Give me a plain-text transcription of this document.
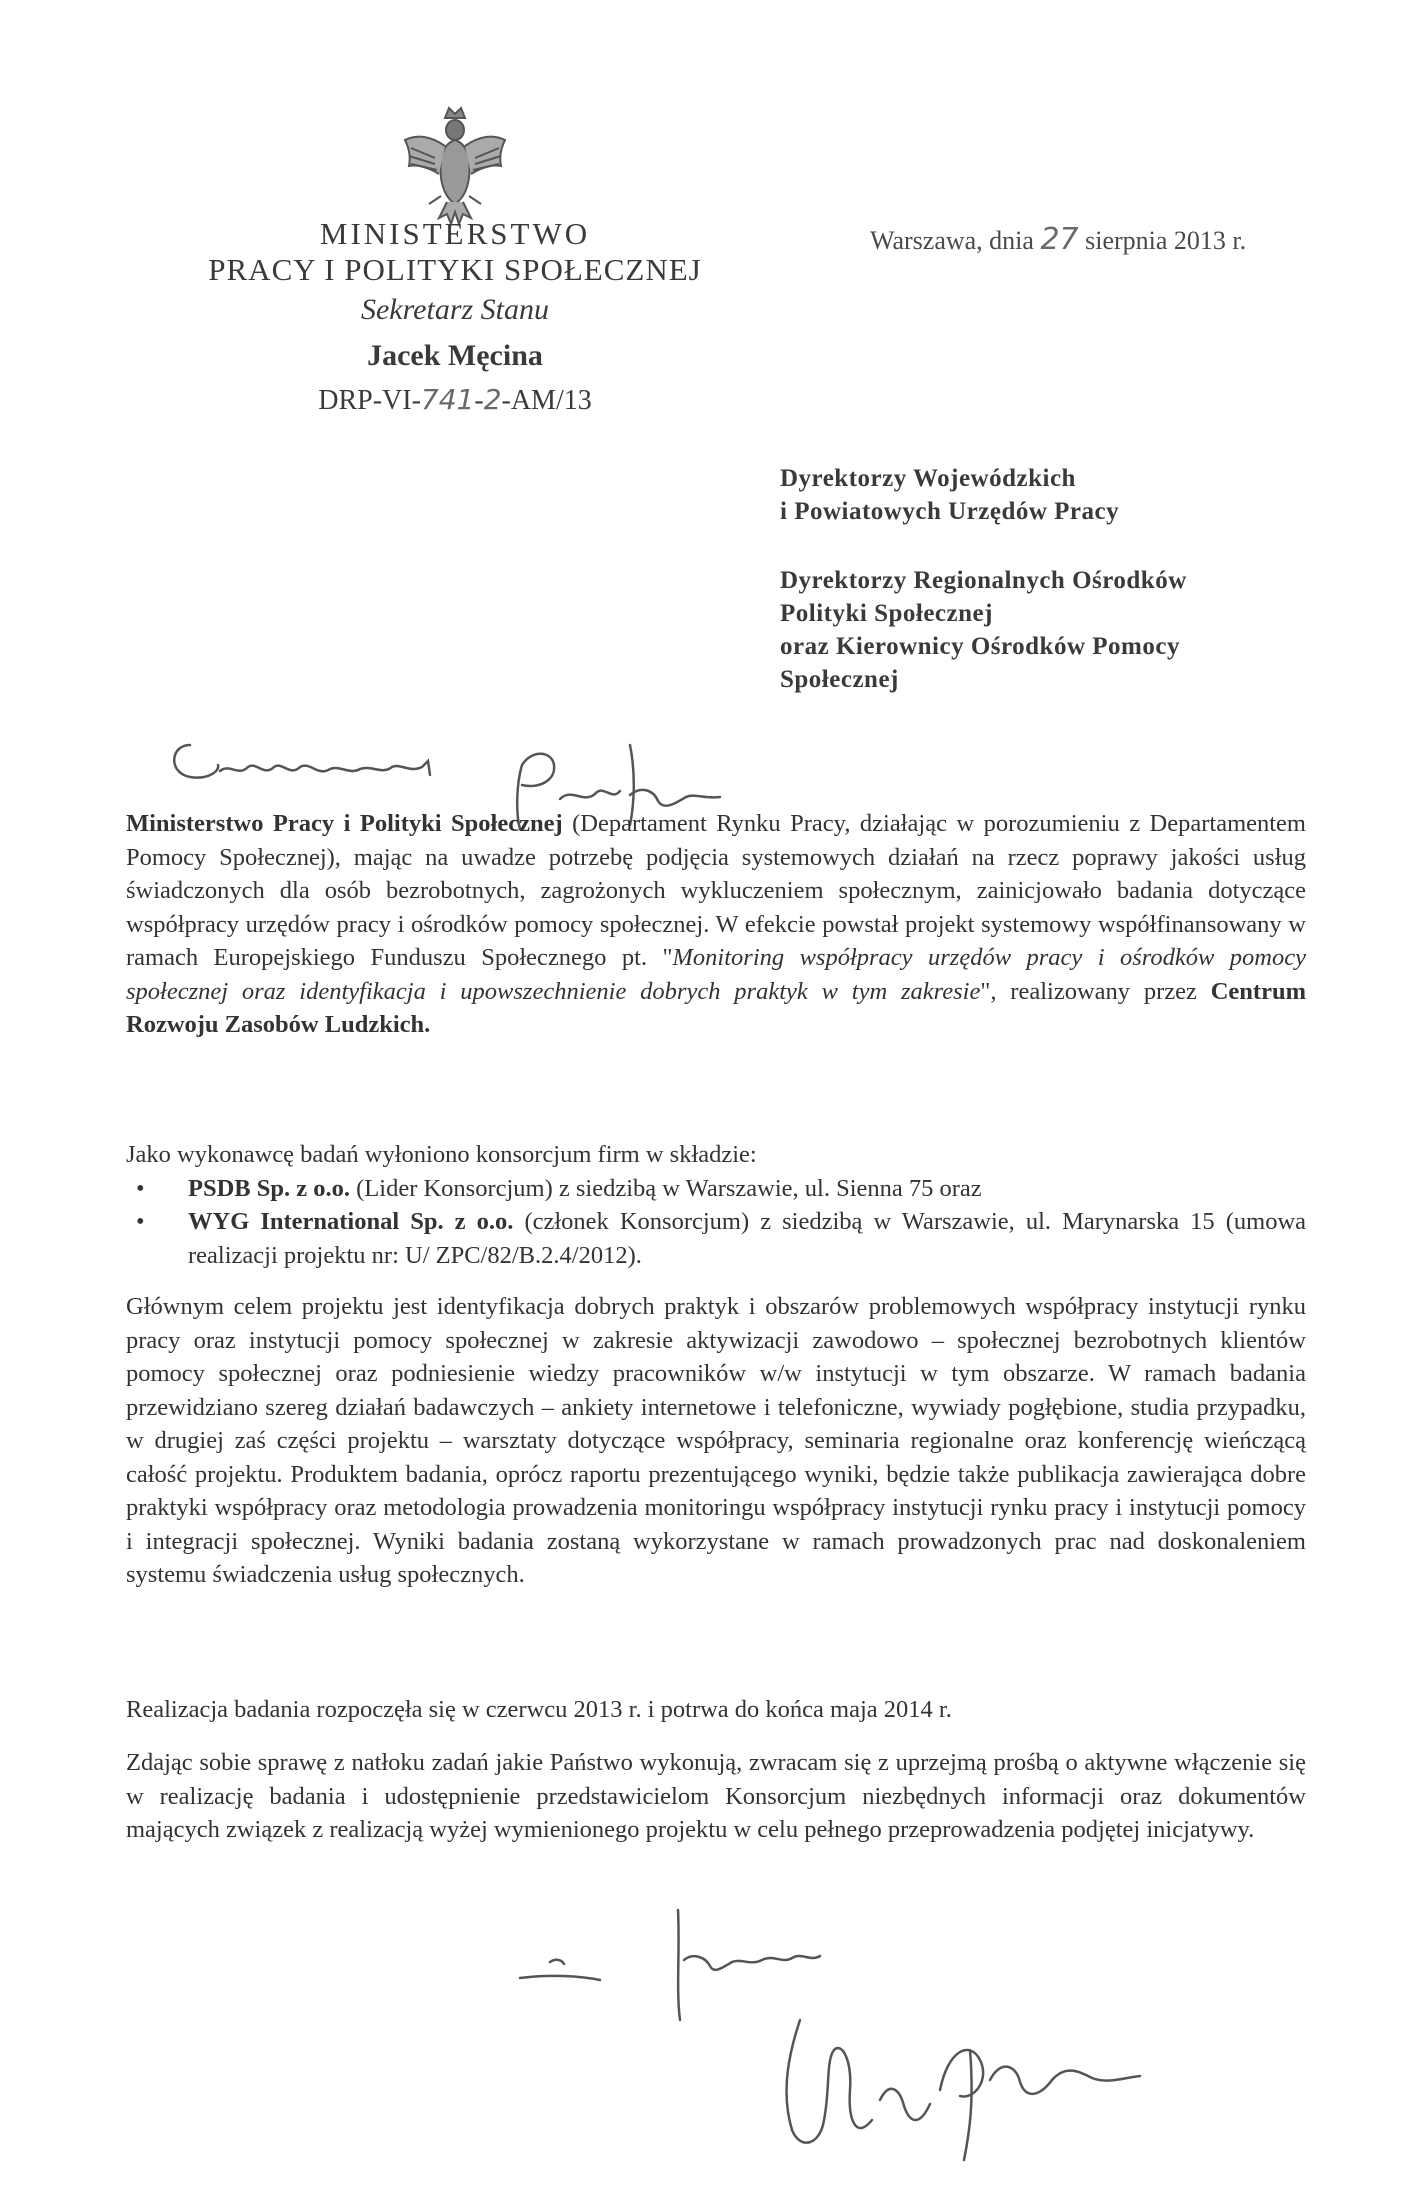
MINISTERSTWO
PRACY I POLITYKI SPOŁECZNEJ
Sekretarz Stanu
Jacek Męcina
DRP-VI-741-2-AM/13
Warszawa, dnia 27 sierpnia 2013 r.
Dyrektorzy Wojewódzkich
i Powiatowych Urzędów Pracy
Dyrektorzy Regionalnych Ośrodków
Polityki Społecznej
oraz Kierownicy Ośrodków Pomocy
Społecznej

Ministerstwo Pracy i Polityki Społecznej (Departament Rynku Pracy, działając w porozumieniu z Departamentem Pomocy Społecznej), mając na uwadze potrzebę podjęcia systemowych działań na rzecz poprawy jakości usług świadczonych dla osób bezrobotnych, zagrożonych wykluczeniem społecznym, zainicjowało badania dotyczące współpracy urzędów pracy i ośrodków pomocy społecznej. W efekcie powstał projekt systemowy współfinansowany w ramach Europejskiego Funduszu Społecznego pt. "Monitoring współpracy urzędów pracy i ośrodków pomocy społecznej oraz identyfikacja i upowszechnienie dobrych praktyk w tym zakresie", realizowany przez Centrum Rozwoju Zasobów Ludzkich.

Jako wykonawcę badań wyłoniono konsorcjum firm w składzie:

• PSDB Sp. z o.o. (Lider Konsorcjum) z siedzibą w Warszawie, ul. Sienna 75 oraz
• WYG International Sp. z o.o. (członek Konsorcjum) z siedzibą w Warszawie, ul. Marynarska 15 (umowa realizacji projektu nr: U/ ZPC/82/B.2.4/2012).

Głównym celem projektu jest identyfikacja dobrych praktyk i obszarów problemowych współpracy instytucji rynku pracy oraz instytucji pomocy społecznej w zakresie aktywizacji zawodowo – społecznej bezrobotnych klientów pomocy społecznej oraz podniesienie wiedzy pracowników w/w instytucji w tym obszarze. W ramach badania przewidziano szereg działań badawczych – ankiety internetowe i telefoniczne, wywiady pogłębione, studia przypadku, w drugiej zaś części projektu – warsztaty dotyczące współpracy, seminaria regionalne oraz konferencję wieńczącą całość projektu. Produktem badania, oprócz raportu prezentującego wyniki, będzie także publikacja zawierająca dobre praktyki współpracy oraz metodologia prowadzenia monitoringu współpracy instytucji rynku pracy i instytucji pomocy i integracji społecznej. Wyniki badania zostaną wykorzystane w ramach prowadzonych prac nad doskonaleniem systemu świadczenia usług społecznych.

Realizacja badania rozpoczęła się w czerwcu 2013 r. i potrwa do końca maja 2014 r.

Zdając sobie sprawę z natłoku zadań jakie Państwo wykonują, zwracam się z uprzejmą prośbą o aktywne włączenie się w realizację badania i udostępnienie przedstawicielom Konsorcjum niezbędnych informacji oraz dokumentów mających związek z realizacją wyżej wymienionego projektu w celu pełnego przeprowadzenia podjętej inicjatywy.
